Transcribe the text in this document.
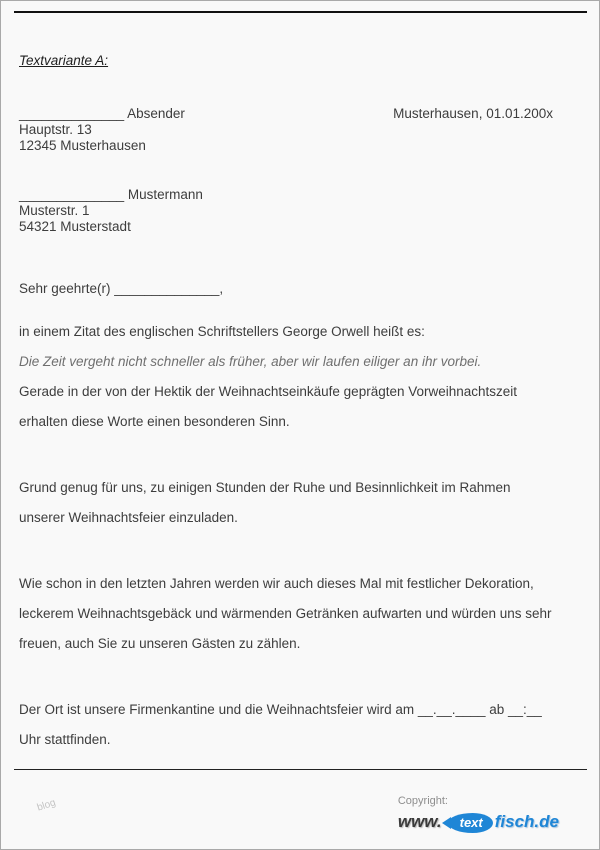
Textvariante A:

______________ Absender	Musterhausen, 01.01.200x
Hauptstr. 13
12345 Musterhausen
______________ Mustermann
Musterstr. 1
54321 Musterstadt
Sehr geehrte(r) ______________,
in einem Zitat des englischen Schriftstellers George Orwell heißt es:
Die Zeit vergeht nicht schneller als früher, aber wir laufen eiliger an ihr vorbei.
Gerade in der von der Hektik der Weihnachtseinkäufe geprägten Vorweihnachtszeit erhalten diese Worte einen besonderen Sinn.
Grund genug für uns, zu einigen Stunden der Ruhe und Besinnlichkeit im Rahmen unserer Weihnachtsfeier einzuladen.
Wie schon in den letzten Jahren werden wir auch dieses Mal mit festlicher Dekoration, leckerem Weihnachtsgebäck und wärmenden Getränken aufwarten und würden uns sehr freuen, auch Sie zu unseren Gästen zu zählen.
Der Ort ist unsere Firmenkantine und die Weihnachtsfeier wird am __.__.____ ab __:__ Uhr stattfinden.
blog	Copyright:
www. text fisch.de
